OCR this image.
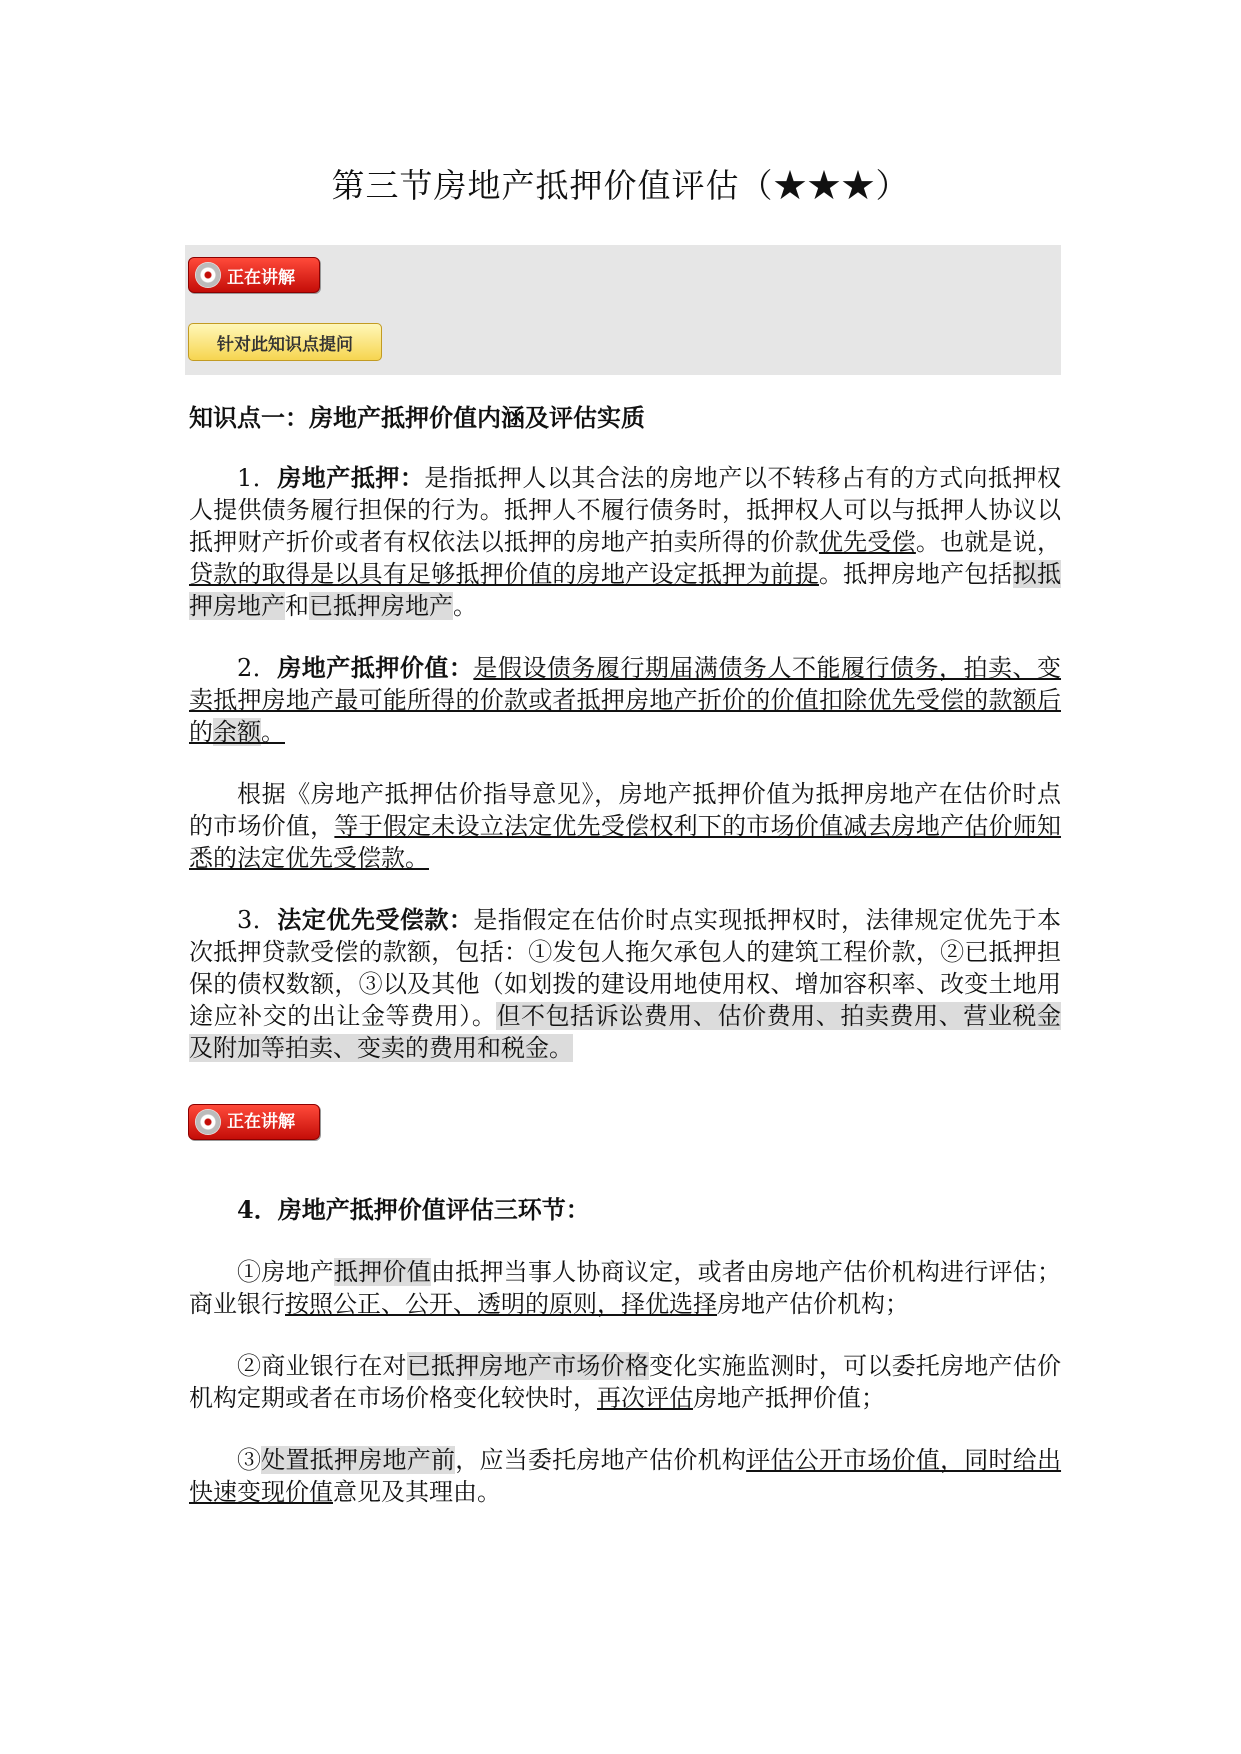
第三节房地产抵押价值评估（★★★）
正在讲解
针对此知识点提问

知识点一：房地产抵押价值内涵及评估实质

1．房地产抵押：是指抵押人以其合法的房地产以不转移占有的方式向抵押权人提供债务履行担保的行为。抵押人不履行债务时，抵押权人可以与抵押人协议以抵押财产折价或者有权依法以抵押的房地产拍卖所得的价款优先受偿。也就是说，贷款的取得是以具有足够抵押价值的房地产设定抵押为前提。抵押房地产包括拟抵押房地产和已抵押房地产。

2．房地产抵押价值：是假设债务履行期届满债务人不能履行债务，拍卖、变卖抵押房地产最可能所得的价款或者抵押房地产折价的价值扣除优先受偿的款额后的余额。

根据《房地产抵押估价指导意见》，房地产抵押价值为抵押房地产在估价时点的市场价值，等于假定未设立法定优先受偿权利下的市场价值减去房地产估价师知悉的法定优先受偿款。

3．法定优先受偿款：是指假定在估价时点实现抵押权时，法律规定优先于本次抵押贷款受偿的款额，包括：①发包人拖欠承包人的建筑工程价款，②已抵押担保的债权数额，③以及其他（如划拨的建设用地使用权、增加容积率、改变土地用途应补交的出让金等费用）。但不包括诉讼费用、估价费用、拍卖费用、营业税金及附加等拍卖、变卖的费用和税金。

正在讲解

4．房地产抵押价值评估三环节：

①房地产抵押价值由抵押当事人协商议定，或者由房地产估价机构进行评估；商业银行按照公正、公开、透明的原则，择优选择房地产估价机构；

②商业银行在对已抵押房地产市场价格变化实施监测时，可以委托房地产估价机构定期或者在市场价格变化较快时，再次评估房地产抵押价值；

③处置抵押房地产前，应当委托房地产估价机构评估公开市场价值，同时给出快速变现价值意见及其理由。
